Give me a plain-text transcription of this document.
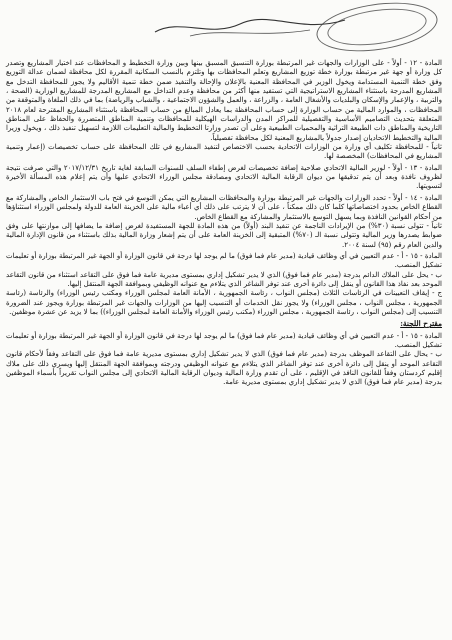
المادة - ١٢ - أولاً - على الوزارات والجهات غير المرتبطة بوزارة التنسيق المسبق بينها وبين وزارة التخطيط و المحافظات عند اختيار المشاريع وتصدر كل وزارة أو جهة غير مرتبطة بوزارة خطة توزيع المشاريع وتعلم المحافظات بها وتلتزم بالنسب السكانية المقررة لكل محافظة لضمان عدالة التوزيع وفق خطة التنمية المستدامة ويخول الوزير في المحافظة المعنية بالإعلان والإحالة والتنفيذ ضمن خطة تنمية الأقاليم ولا يجوز للمحافظة التدخل مع المشاريع المدرجة باستثناء المشاريع الاستراتيجية التي تستفيد منها أكثر من محافظة وعدم التداخل مع المشاريع المدرجة للمشاريع الوزارية (الصحة ، والتربية ، والإعمار والإسكان والبلديات والأشغال العامة ، والزراعة ، والعمل والشؤون الاجتماعية ، والشباب والرياضة) بما في ذلك الملغاة والمتوقفة من المحافظات ، والموارد المالية من حساب الوزارة إلى حساب المحافظة بما يعادل المبالغ من حساب المحافظة باستثناء المشاريع المقترحة لعام ٢٠١٨ المتعلقة بتحديث التصاميم الأساسية والتفصيلية للمراكز المدن والدراسات الهيكلية للمحافظات وتنمية المناطق المتضررة والحفاظ على المناطق التاريخية والمناطق ذات الطبيعة التراثية والمحميات الطبيعية وعلى أن تصدر وزارتا التخطيط والمالية التعليمات اللازمة لتسهيل تنفيذ ذلك ، ويخول وزيرا المالية والتخطيط الاتحاديان إصدار جدولاً بالمشاريع المعنية لكل محافظة تفصيلياً.

ثانياً - للمحافظة تكليف أي وزارة من الوزارات الاتحادية بحسب الاختصاص لتنفيذ المشاريع في تلك المحافظة على حساب تخصيصات (إعمار وتنمية المشاريع في المحافظات) المخصصة لها.

المادة - ١٣ - أولاً - لوزير المالية الاتحادي صلاحية إضافة تخصيصات لغرض إطفاء السلف للسنوات السابقة لغاية تاريخ ٢٠١٧/١٢/٣١ والتي صرفت نتيجة لظروف نافذة وبعد أن يتم تدقيقها من ديوان الرقابة المالية الاتحادي ومصادقة مجلس الوزراء الاتحادي عليها وأن يتم إعلام هذه المسألة الأخيرة لتسويتها.

المادة - ١٤ - أولاً - تحدد الوزارات والجهات غير المرتبطة بوزارة والمحافظات المشاريع التي يمكن التوسع في فتح باب الاستثمار الخاص والمشاركة مع القطاع الخاص بحدود اختصاصاتها كلما كان ذلك ممكناً ، على أن لا يترتب على ذلك أي أعباء مالية على الخزينة العامة للدولة ولمجلس الوزراء استثناؤها من أحكام القوانين النافذة وبما يسهل التوسع بالاستثمار والمشاركة مع القطاع الخاص.

ثانياً - تتولى نسبة (٣٠%) من الإيرادات الناجمة عن تنفيذ البند (أولاً) من هذه المادة للجهة المستفيدة لغرض إضافة ما يضافها إلى موازنتها على وفق ضوابط يصدرها وزير المالية وتتولى نسبة الـ (٧٠%) المتبقية إلى الخزينة العامة على أن يتم إشعار وزارة المالية بذلك باستثناء من قانون الإدارة المالية والدين العام رقم (٩٥) لسنة ٢٠٠٤.

المادة - ١٥ - أ - عدم التعيين في أي وظائف قيادية (مدير عام فما فوق) ما لم يوجد لها درجة في قانون الوزارة أو الجهة غير المرتبطة بوزارة أو تعليمات تشكيل المنصب.

ب - يحل على الملاك الدائم بدرجة (مدير عام فما فوق) الذي لا يدير تشكيل إداري بمستوى مديرية عامة فما فوق على التقاعد استثناء من قانون التقاعد الموحد بعد نفاذ هذا القانون أو ينقل إلى دائرة أخرى عند توفر الشاغر الذي يتلاءم مع عنوانه الوظيفي وبموافقة الجهة المنتقل إليها.

ج - إيقاف التعيينات في الرئاسات الثلاث (مجلس النواب ، رئاسة الجمهورية ، الأمانة العامة لمجلس الوزراء ومكتب رئيس الوزراء) والرئاسة (رئاسة الجمهورية ، مجلس النواب ، مجلس الوزراء) ولا يجوز نقل الخدمات أو التنسيب إليها من الوزارات والجهات غير المرتبطة بوزارة ويجوز عند الضرورة التنسيب إلى (مجلس النواب ، رئاسة الجمهورية ، مجلس الوزراء (مكتب رئيس الوزراء والأمانة العامة لمجلس الوزراء)) بما لا يزيد عن عشرة موظفين.

مقترح اللجنة:

المادة - ١٥ - أ - عدم التعيين في أي وظائف قيادية (مدير عام فما فوق) ما لم يوجد لها درجة في قانون الوزارة أو الجهة غير المرتبطة بوزارة أو تعليمات تشكيل المنصب.

ب - يحال على التقاعد الموظف بدرجة (مدير عام فما فوق) الذي لا يدير تشكيل إداري بمستوى مديرية عامة فما فوق على التقاعد وفقاً لأحكام قانون التقاعد الموحد أو ينقل إلى دائرة أخرى عند توفر الشاغر الذي يتلاءم مع عنوانه الوظيفي ودرجته وبموافقة الجهة المنتقل إليها ويسري ذلك على ملاك إقليم كردستان وفقاً للقانون النافذ في الإقليم ، على أن تقدم وزارة المالية وديوان الرقابة المالية الاتحادي إلى مجلس النواب تقريراً بأسماء الموظفين بدرجة (مدير عام فما فوق) الذي لا يدير تشكيل إداري بمستوى مديرية عامة.
